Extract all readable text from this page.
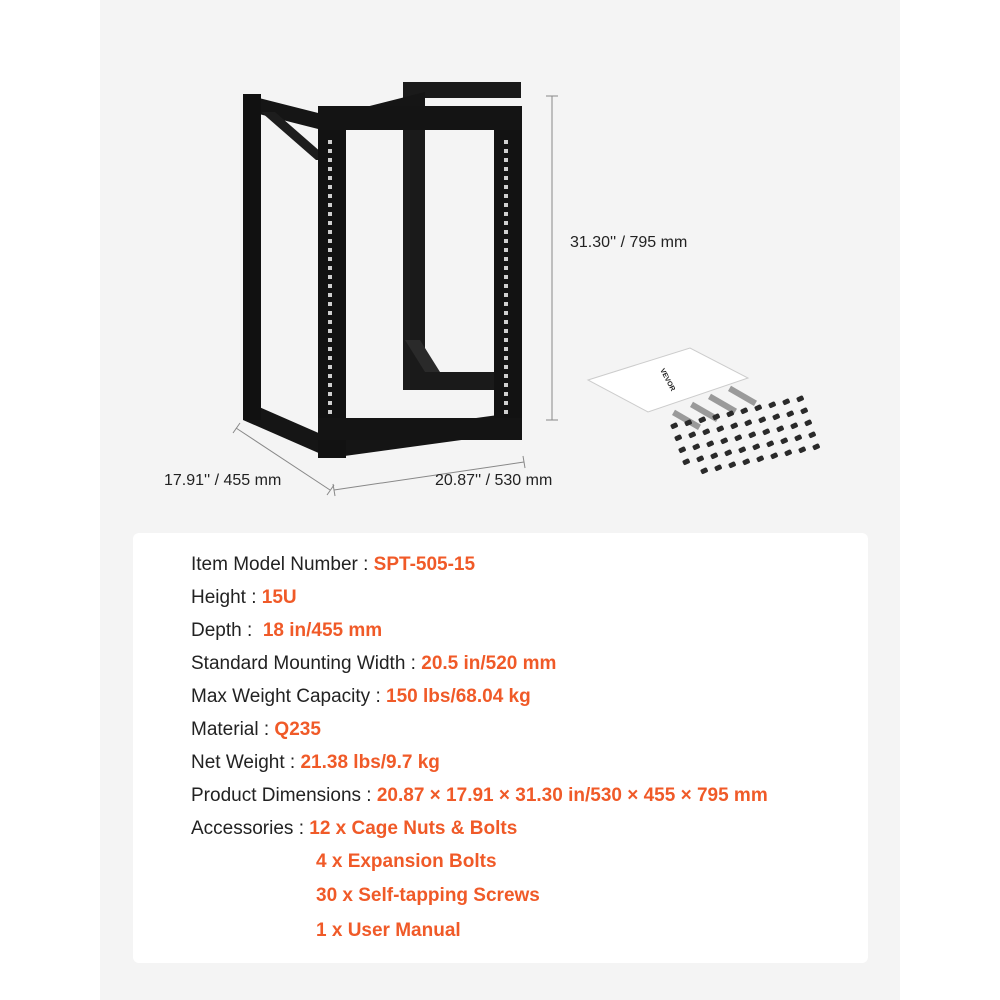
VEVOR
31.30'' / 795 mm
17.91'' / 455 mm	20.87'' / 530 mm
Item Model Number : SPT-505-15
Height : 15U
Depth :  18 in/455 mm
Standard Mounting Width : 20.5 in/520 mm
Max Weight Capacity : 150 lbs/68.04 kg
Material : Q235
Net Weight : 21.38 lbs/9.7 kg
Product Dimensions : 20.87 × 17.91 × 31.30 in/530 × 455 × 795 mm
Accessories : 12 x Cage Nuts & Bolts
4 x Expansion Bolts
30 x Self-tapping Screws
1 x User Manual
